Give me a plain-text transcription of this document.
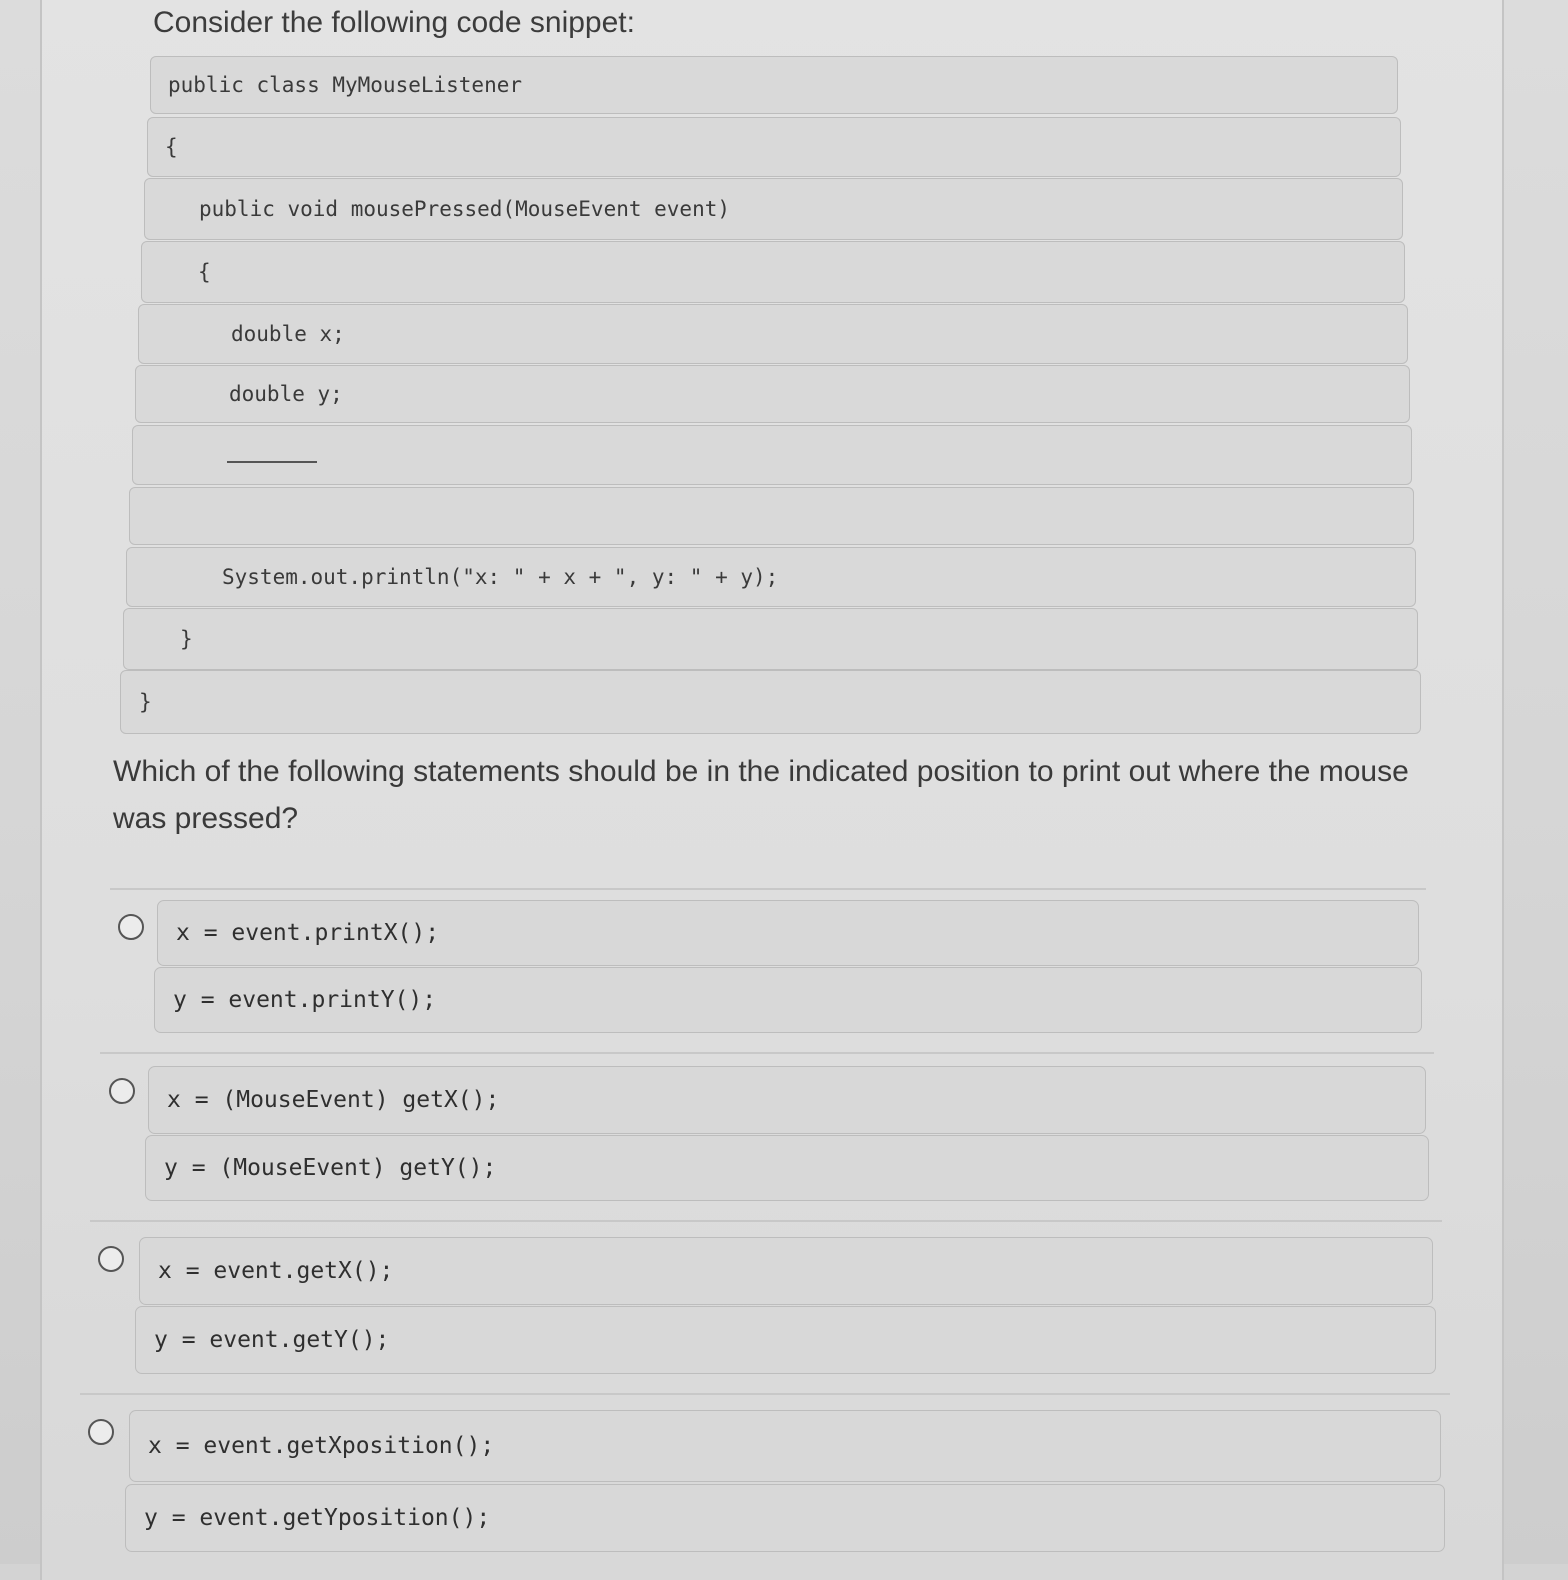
Consider the following code snippet:

public class MyMouseListener
{
public void mousePressed(MouseEvent event)
{
double x;
double y;
System.out.println("x: " + x + ", y: " + y);
}
}

Which of the following statements should be in the indicated position to print out where the mouse was pressed?

x = event.printX();
y = event.printY();
x = (MouseEvent) getX();
y = (MouseEvent) getY();
x = event.getX();
y = event.getY();
x = event.getXposition();
y = event.getYposition();
